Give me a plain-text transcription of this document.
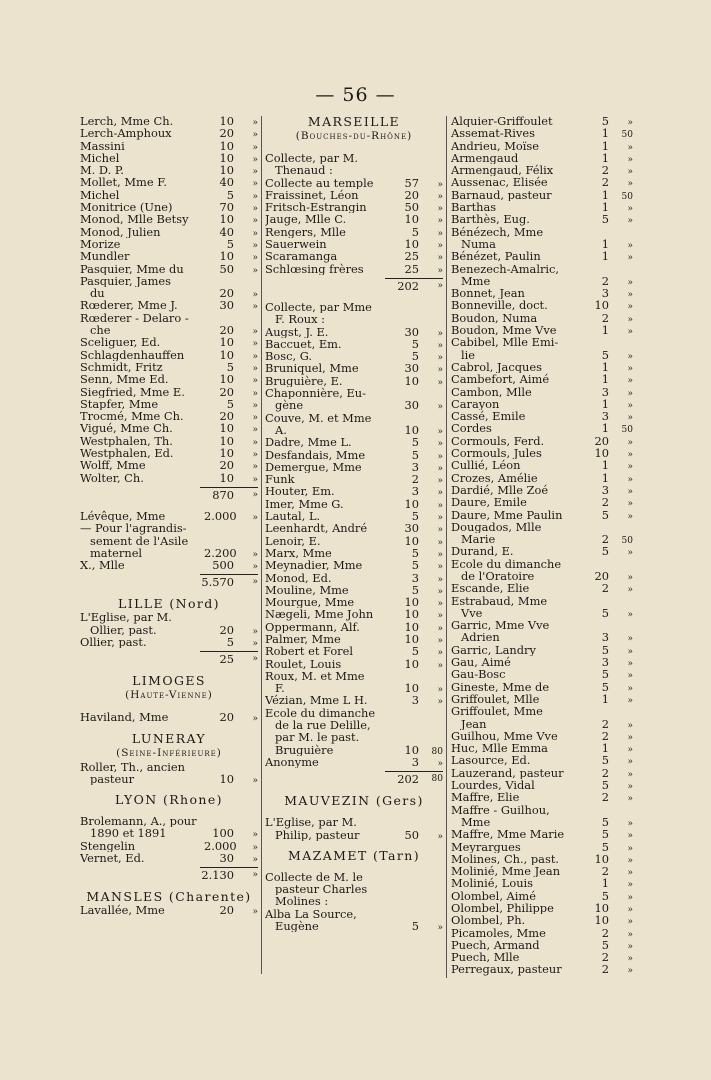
— 56 —
Lerch, Mme Ch.	10	»
Lerch-Amphoux	20	»
Massini	10	»
Michel	10	»
M. D. P.	10	»
Mollet, Mme F.	40	»
Michel	5	»
Monitrice (Une)	70	»
Monod, Mlle Betsy	10	»
Monod, Julien	40	»
Morize	5	»
Mundler	10	»
Pasquier, Mme du	50	»
Pasquier, James
du	20	»
Rœderer, Mme J.	30	»
Rœderer - Delaro -
che	20	»
Sceliguer, Ed.	10	»
Schlagdenhauffen	10	»
Schmidt, Fritz	5	»
Senn, Mme Ed.	10	»
Siegfried, Mme E.	20	»
Stapfer, Mme	5	»
Trocmé, Mme Ch.	20	»
Vigué, Mme Ch.	10	»
Westphalen, Th.	10	»
Westphalen, Ed.	10	»
Wolff, Mme	20	»
Wolter, Ch.	10	»
870	»
Lévêque, Mme	2.000	»
— Pour l'agrandis-
sement de l'Asile
maternel	2.200	»
X., Mlle	500	»
5.570	»
LILLE (Nord)
L'Eglise, par M.
Ollier, past.	20	»
Ollier, past.	5	»
25	»
LIMOGES
(Haute-Vienne)
Haviland, Mme	20	»
LUNERAY
(Seine-Inférieure)
Roller, Th., ancien
pasteur	10	»
LYON (Rhone)
Brolemann, A., pour
1890 et 1891	100	»
Stengelin	2.000	»
Vernet, Ed.	30	»
2.130	»
MANSLES (Charente)
Lavallée, Mme	20	»
MARSEILLE
(Bouches-du-Rhône)
Collecte, par M.
Thenaud :
Collecte au temple	57	»
Fraissinet, Léon	20	»
Fritsch-Estrangin	50	»
Jauge, Mlle C.	10	»
Rengers, Mlle	5	»
Sauerwein	10	»
Scaramanga	25	»
Schlœsing frères	25	»
202	»
Collecte, par Mme
F. Roux :
Augst, J. E.	30	»
Baccuet, Em.	5	»
Bosc, G.	5	»
Bruniquel, Mme	30	»
Bruguière, E.	10	»
Chaponnière, Eu-
gène	30	»
Couve, M. et Mme
A.	10	»
Dadre, Mme L.	5	»
Desfandais, Mme	5	»
Demergue, Mme	3	»
Funk	2	»
Houter, Em.	3	»
Imer, Mme G.	10	»
Lautal, L.	5	»
Leenhardt, André	30	»
Lenoir, E.	10	»
Marx, Mme	5	»
Meynadier, Mme	5	»
Monod, Ed.	3	»
Mouline, Mme	5	»
Mourgue, Mme	10	»
Nægeli, Mme John	10	»
Oppermann, Alf.	10	»
Palmer, Mme	10	»
Robert et Forel	5	»
Roulet, Louis	10	»
Roux, M. et Mme
F.	10	»
Vézian, Mme L H.	3	»
Ecole du dimanche
de la rue Delille,
par M. le past.
Bruguière	10	80
Anonyme	3	»
202	80
MAUVEZIN (Gers)
L'Eglise, par M.
Philip, pasteur	50	»
MAZAMET (Tarn)
Collecte de M. le
pasteur Charles
Molines :
Alba La Source,
Eugène	5	»
Alquier-Griffoulet	5	»
Assemat-Rives	1	50
Andrieu, Moïse	1	»
Armengaud	1	»
Armengaud, Félix	2	»
Aussenac, Elisée	2	»
Barnaud, pasteur	1	50
Barthas	1	»
Barthès, Eug.	5	»
Bénézech, Mme
Numa	1	»
Bénézet, Paulin	1	»
Benezech-Amalric,
Mme	2	»
Bonnet, Jean	3	»
Bonneville, doct.	10	»
Boudon, Numa	2	»
Boudon, Mme Vve	1	»
Cabibel, Mlle Emi-
lie	5	»
Cabrol, Jacques	1	»
Cambefort, Aimé	1	»
Cambon, Mlle	3	»
Carayon	1	»
Cassé, Emile	3	»
Cordes	1	50
Cormouls, Ferd.	20	»
Cormouls, Jules	10	»
Cullié, Léon	1	»
Crozes, Amélie	1	»
Dardié, Mlle Zoé	3	»
Daure, Emile	2	»
Daure, Mme Paulin	5	»
Dougados, Mlle
Marie	2	50
Durand, E.	5	»
Ecole du dimanche
de l'Oratoire	20	»
Escande, Elie	2	»
Estrabaud, Mme
Vve	5	»
Garric, Mme Vve
Adrien	3	»
Garric, Landry	5	»
Gau, Aimé	3	»
Gau-Bosc	5	»
Gineste, Mme de	5	»
Griffoulet, Mlle	1	»
Griffoulet, Mme
Jean	2	»
Guilhou, Mme Vve	2	»
Huc, Mlle Emma	1	»
Lasource, Ed.	5	»
Lauzerand, pasteur	2	»
Lourdes, Vidal	5	»
Maffre, Elie	2	»
Maffre - Guilhou,
Mme	5	»
Maffre, Mme Marie	5	»
Meyrargues	5	»
Molines, Ch., past.	10	»
Molinié, Mme Jean	2	»
Molinié, Louis	1	»
Olombel, Aimé	5	»
Olombel, Philippe	10	»
Olombel, Ph.	10	»
Picamoles, Mme	2	»
Puech, Armand	5	»
Puech, Mlle	2	»
Perregaux, pasteur	2	»
